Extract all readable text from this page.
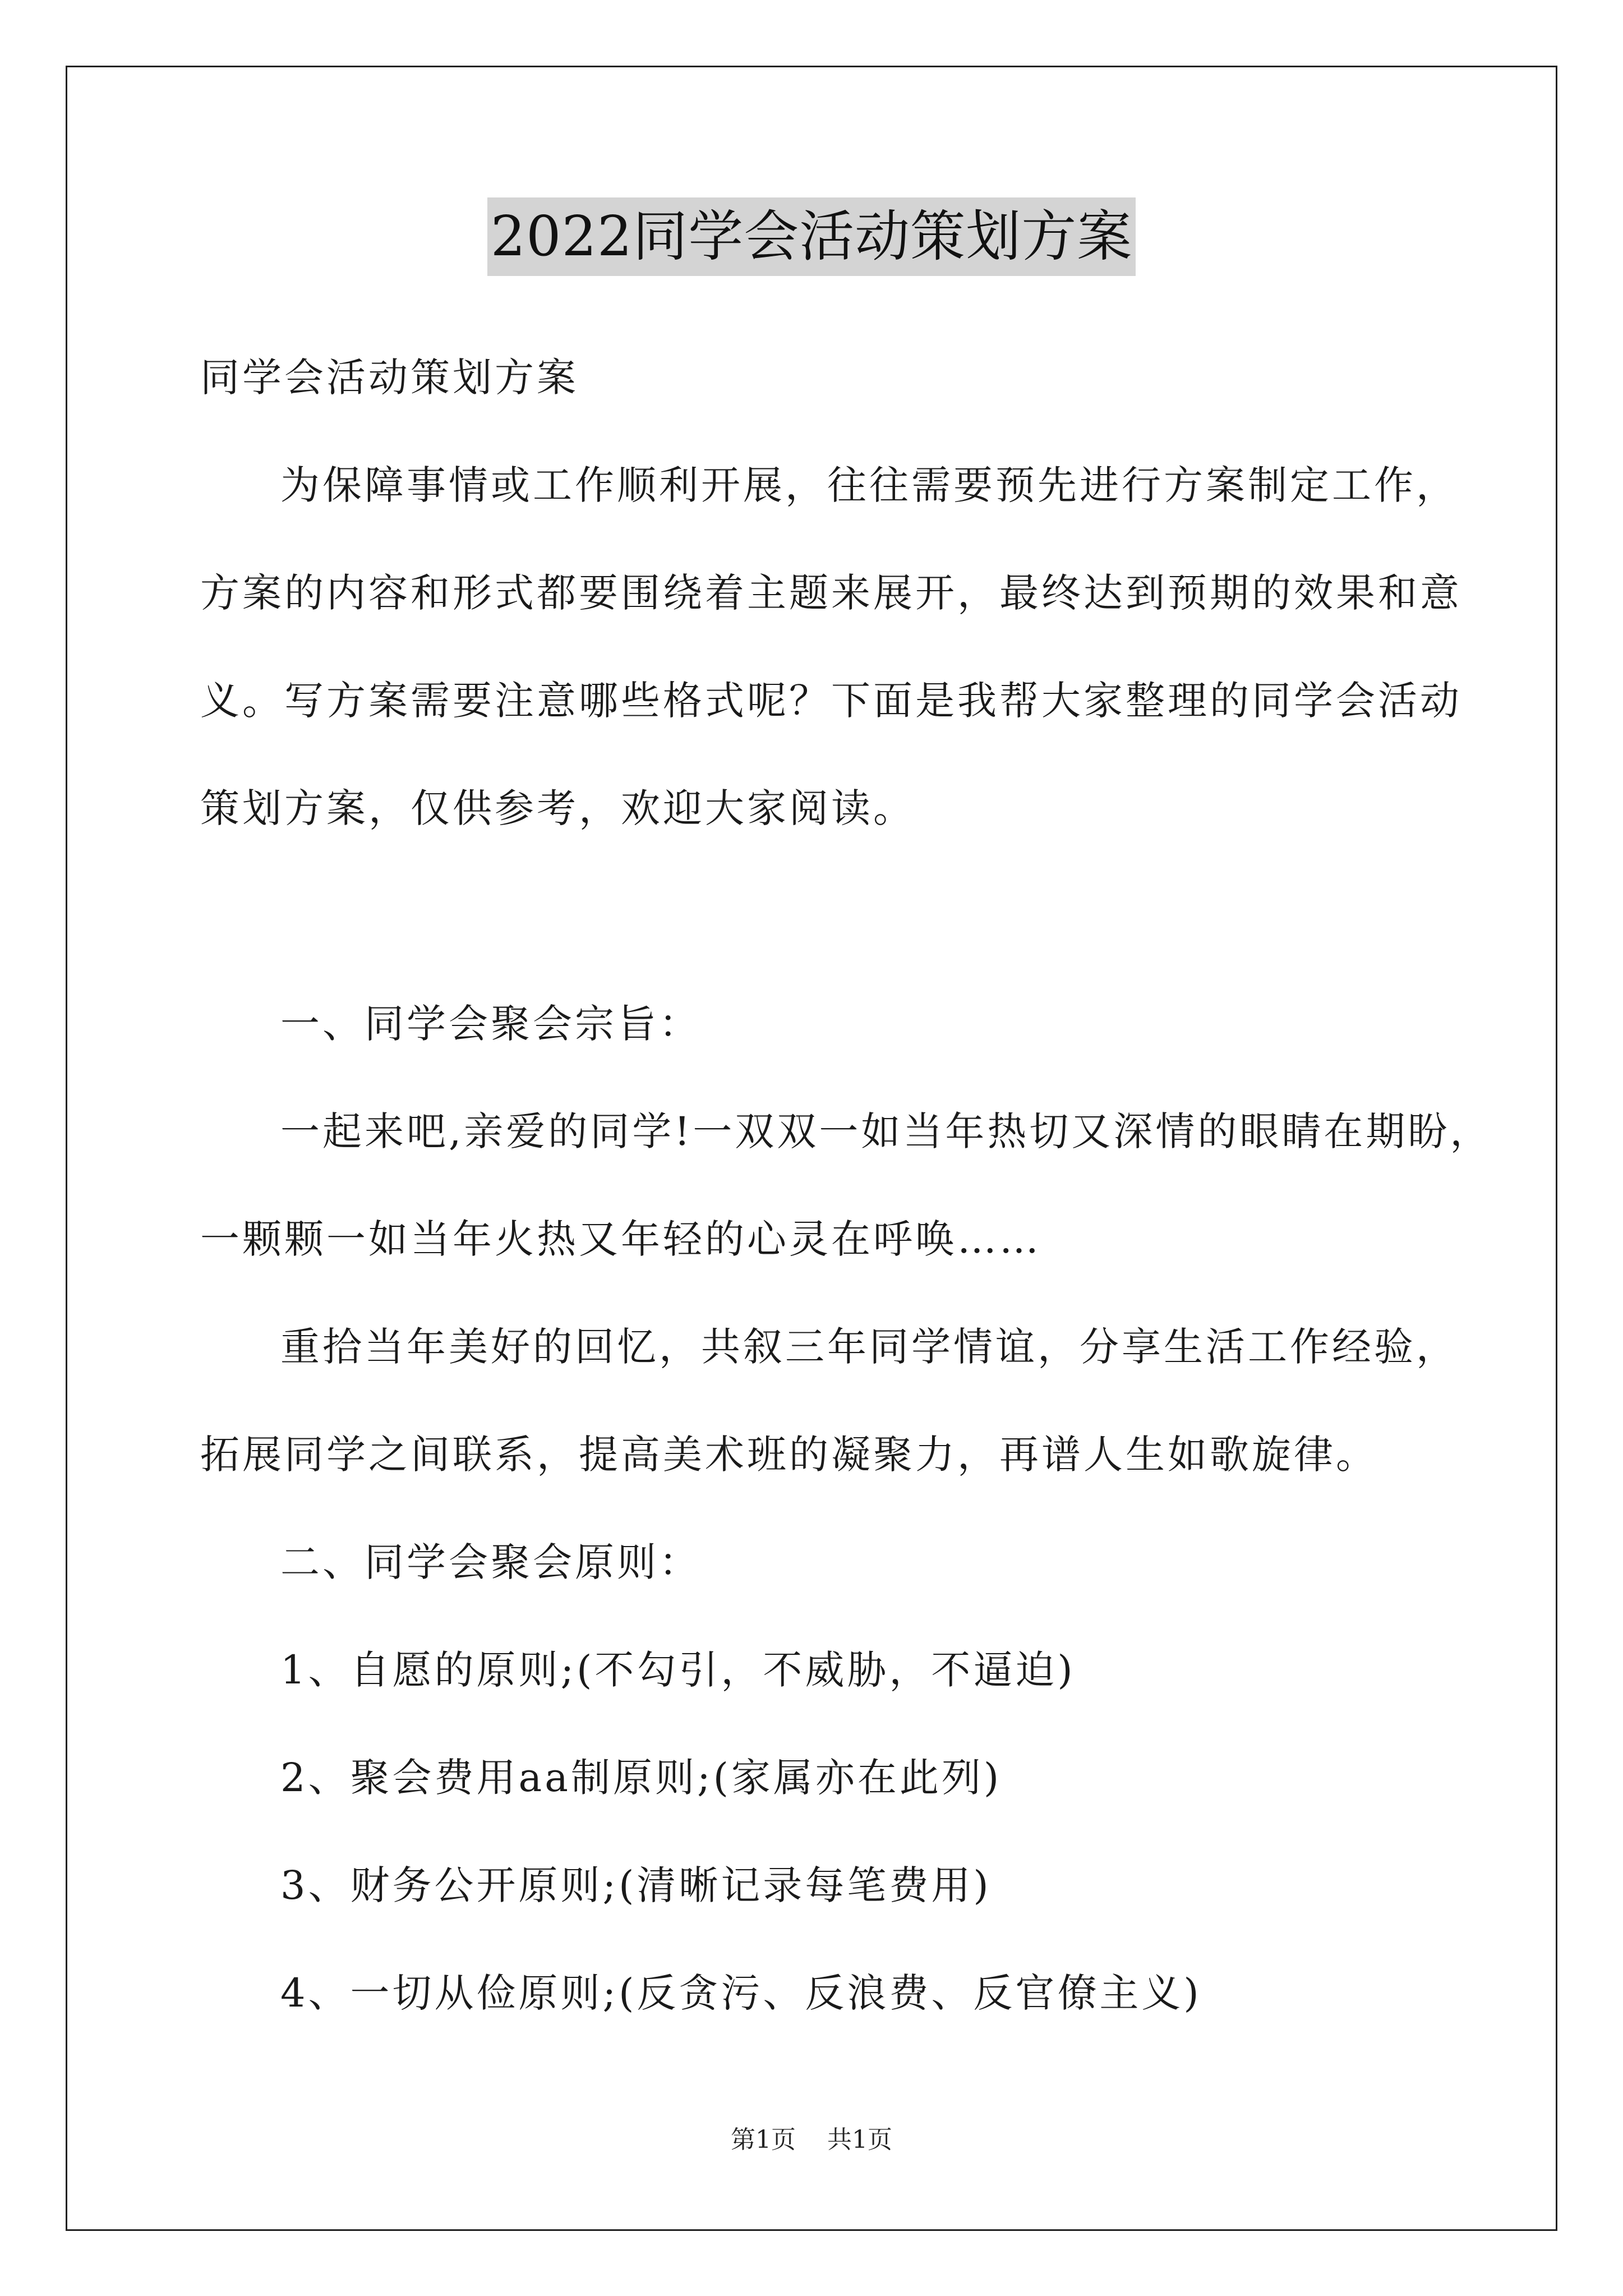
2022同学会活动策划方案
同学会活动策划方案
为保障事情或工作顺利开展，往往需要预先进行方案制定工作，
方案的内容和形式都要围绕着主题来展开，最终达到预期的效果和意
义。写方案需要注意哪些格式呢？下面是我帮大家整理的同学会活动
策划方案，仅供参考，欢迎大家阅读。
一、同学会聚会宗旨：
一起来吧,亲爱的同学!一双双一如当年热切又深情的眼睛在期盼，
一颗颗一如当年火热又年轻的心灵在呼唤……
重拾当年美好的回忆，共叙三年同学情谊，分享生活工作经验，
拓展同学之间联系，提高美术班的凝聚力，再谱人生如歌旋律。
二、同学会聚会原则：
1、自愿的原则;(不勾引，不威胁，不逼迫)
2、聚会费用aa制原则;(家属亦在此列)
3、财务公开原则;(清晰记录每笔费用)
4、一切从俭原则;(反贪污、反浪费、反官僚主义)
第1页    共1页
